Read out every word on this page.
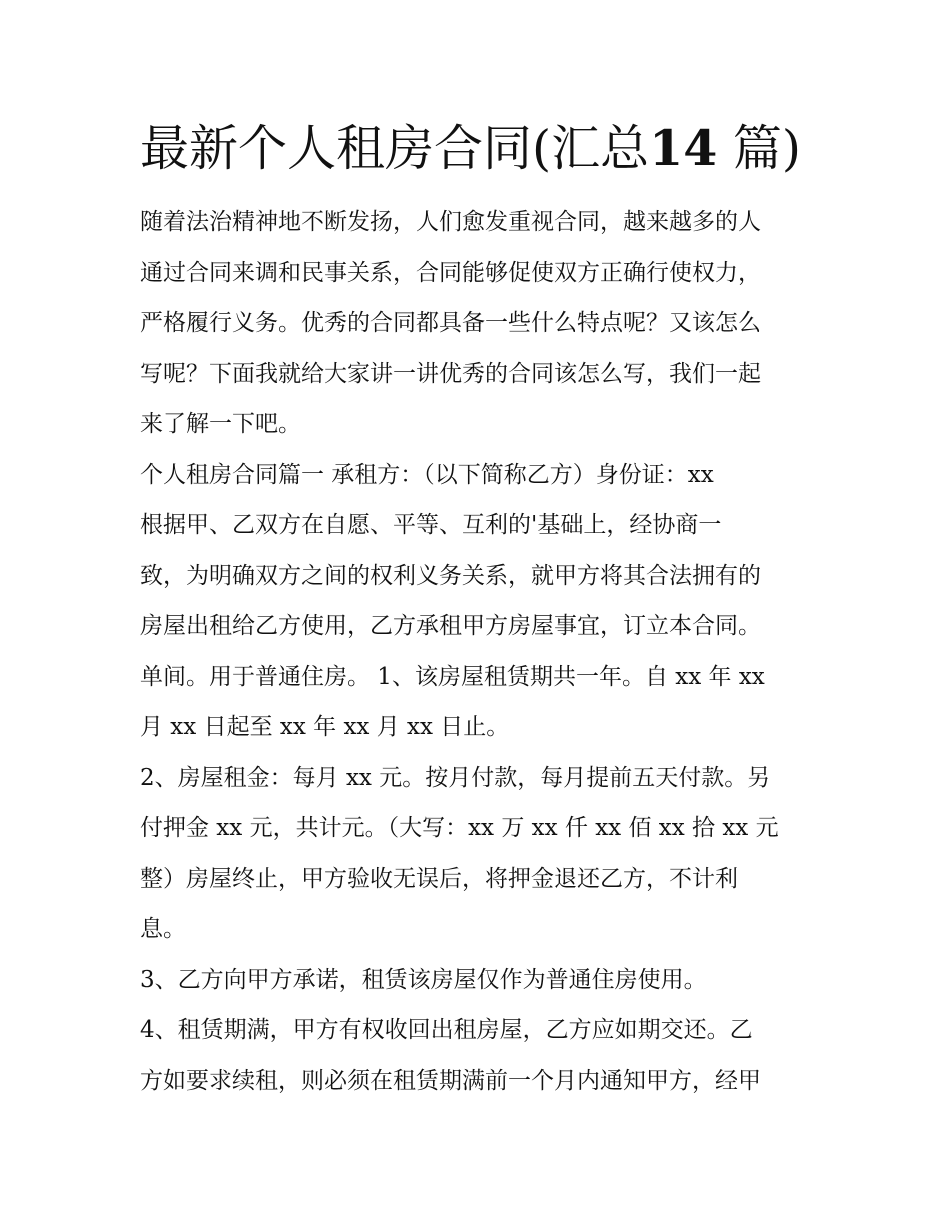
最新个人租房合同(汇总14 篇)
随着法治精神地不断发扬，人们愈发重视合同，越来越多的人
通过合同来调和民事关系，合同能够促使双方正确行使权力，
严格履行义务。优秀的合同都具备一些什么特点呢？又该怎么
写呢？下面我就给大家讲一讲优秀的合同该怎么写，我们一起
来了解一下吧。
个人租房合同篇一 承租方：（以下简称乙方）身份证：xx
根据甲、乙双方在自愿、平等、互利的'基础上，经协商一
致，为明确双方之间的权利义务关系，就甲方将其合法拥有的
房屋出租给乙方使用，乙方承租甲方房屋事宜，订立本合同。
单间。用于普通住房。 1、该房屋租赁期共一年。自 xx 年 xx
月 xx 日起至 xx 年 xx 月 xx 日止。
2、房屋租金：每月 xx 元。按月付款，每月提前五天付款。另
付押金 xx 元，共计元。（大写：xx 万 xx 仟 xx 佰 xx 拾 xx 元
整）房屋终止，甲方验收无误后，将押金退还乙方，不计利
息。
3、乙方向甲方承诺，租赁该房屋仅作为普通住房使用。
4、租赁期满，甲方有权收回出租房屋，乙方应如期交还。乙
方如要求续租，则必须在租赁期满前一个月内通知甲方，经甲
